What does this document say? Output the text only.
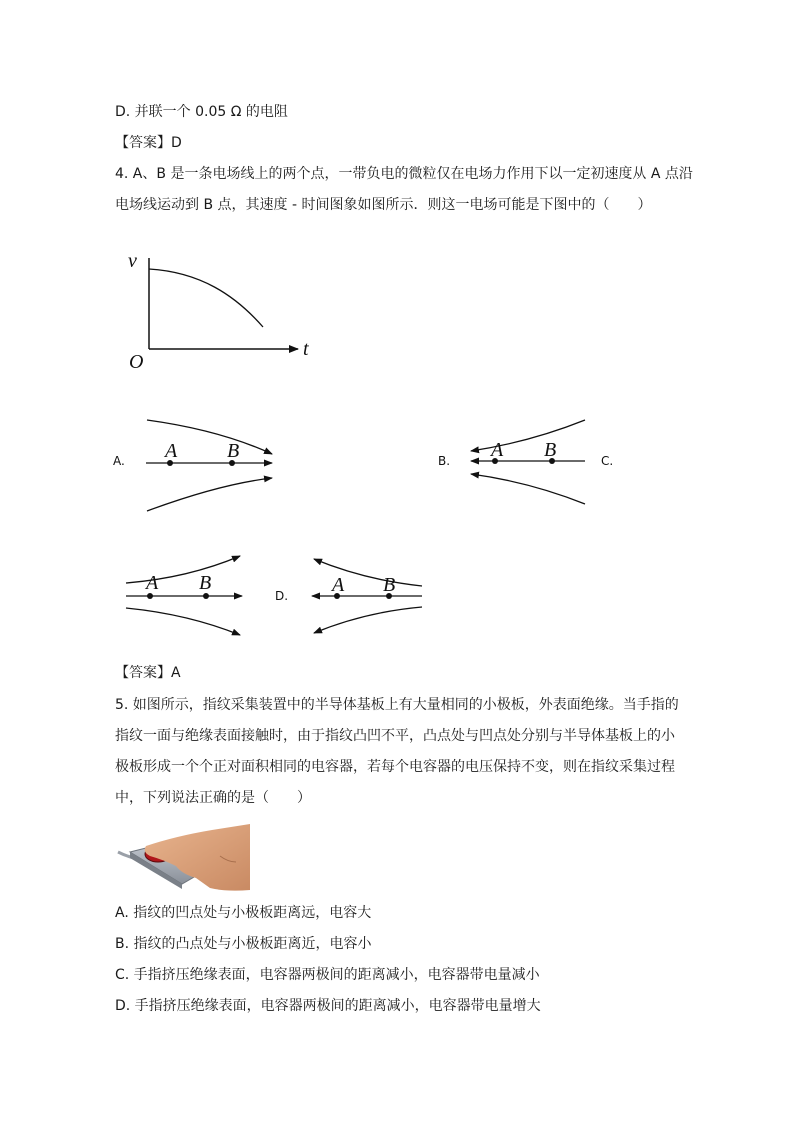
D. 并联一个 0.05 Ω 的电阻
【答案】D
4. A、B 是一条电场线上的两个点，一带负电的微粒仅在电场力作用下以一定初速度从 A 点沿
电场线运动到 B 点，其速度 - 时间图象如图所示．则这一电场可能是下图中的（　　）
v
t
O
A. A B	B. A B	C.
A B
D. A B
【答案】A
5. 如图所示，指纹采集装置中的半导体基板上有大量相同的小极板，外表面绝缘。当手指的
指纹一面与绝缘表面接触时，由于指纹凸凹不平，凸点处与凹点处分别与半导体基板上的小
极板形成一个个正对面积相同的电容器，若每个电容器的电压保持不变，则在指纹采集过程
中，下列说法正确的是（　　）
A. 指纹的凹点处与小极板距离远，电容大
B. 指纹的凸点处与小极板距离近，电容小
C. 手指挤压绝缘表面，电容器两极间的距离减小，电容器带电量减小
D. 手指挤压绝缘表面，电容器两极间的距离减小，电容器带电量增大
